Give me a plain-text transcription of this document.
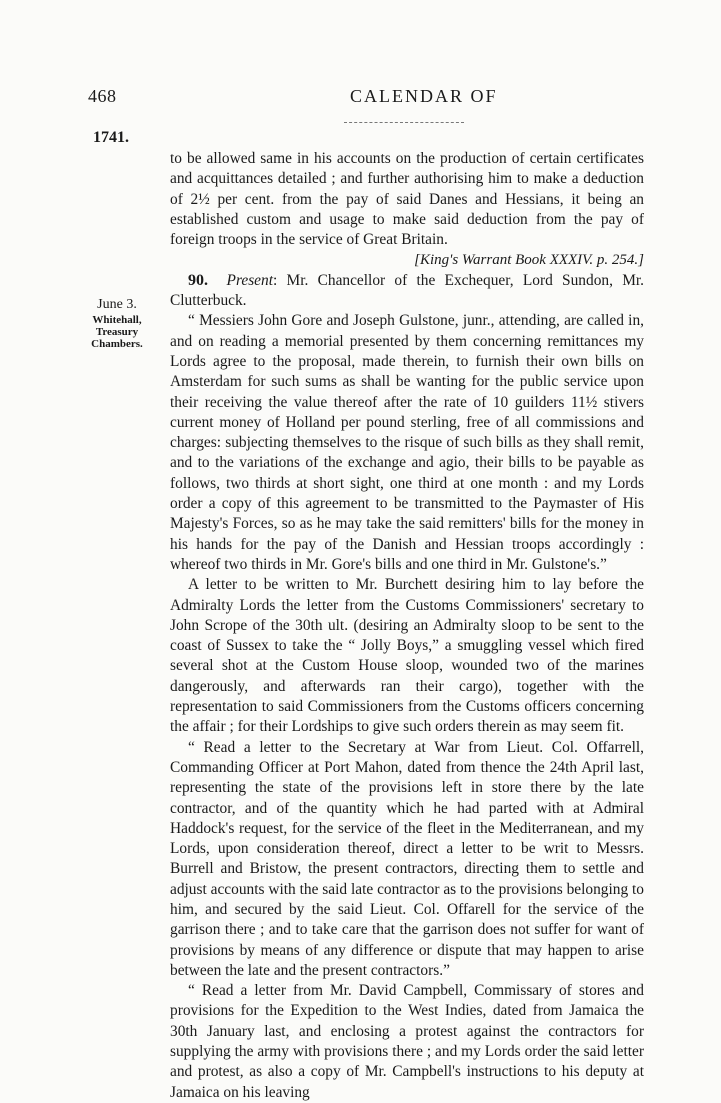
468	CALENDAR OF
1741.
June 3.
Whitehall, Treasury Chambers.

to be allowed same in his accounts on the production of certain certificates and acquittances detailed ; and further authorising him to make a deduction of 2½ per cent. from the pay of said Danes and Hessians, it being an established custom and usage to make said deduction from the pay of foreign troops in the service of Great Britain.

[King's Warrant Book XXXIV. p. 254.]

90. Present: Mr. Chancellor of the Exchequer, Lord Sundon, Mr. Clutterbuck.

“ Messiers John Gore and Joseph Gulstone, junr., attending, are called in, and on reading a memorial presented by them concerning remittances my Lords agree to the proposal, made therein, to furnish their own bills on Amsterdam for such sums as shall be wanting for the public service upon their receiving the value thereof after the rate of 10 guilders 11½ stivers current money of Holland per pound sterling, free of all commissions and charges: subjecting themselves to the risque of such bills as they shall remit, and to the variations of the exchange and agio, their bills to be payable as follows, two thirds at short sight, one third at one month : and my Lords order a copy of this agreement to be transmitted to the Paymaster of His Majesty's Forces, so as he may take the said remitters' bills for the money in his hands for the pay of the Danish and Hessian troops accordingly : whereof two thirds in Mr. Gore's bills and one third in Mr. Gulstone's.”

A letter to be written to Mr. Burchett desiring him to lay before the Admiralty Lords the letter from the Customs Commissioners' secretary to John Scrope of the 30th ult. (desiring an Admiralty sloop to be sent to the coast of Sussex to take the “ Jolly Boys,” a smuggling vessel which fired several shot at the Custom House sloop, wounded two of the marines dangerously, and afterwards ran their cargo), together with the representation to said Commissioners from the Customs officers concerning the affair ; for their Lordships to give such orders therein as may seem fit.

“ Read a letter to the Secretary at War from Lieut. Col. Offarrell, Commanding Officer at Port Mahon, dated from thence the 24th April last, representing the state of the provisions left in store there by the late contractor, and of the quantity which he had parted with at Admiral Haddock's request, for the service of the fleet in the Mediterranean, and my Lords, upon consideration thereof, direct a letter to be writ to Messrs. Burrell and Bristow, the present contractors, directing them to settle and adjust accounts with the said late contractor as to the provisions belonging to him, and secured by the said Lieut. Col. Offarell for the service of the garrison there ; and to take care that the garrison does not suffer for want of provisions by means of any difference or dispute that may happen to arise between the late and the present contractors.”

“ Read a letter from Mr. David Campbell, Commissary of stores and provisions for the Expedition to the West Indies, dated from Jamaica the 30th January last, and enclosing a protest against the contractors for supplying the army with provisions there ; and my Lords order the said letter and protest, as also a copy of Mr. Campbell's instructions to his deputy at Jamaica on his leaving
